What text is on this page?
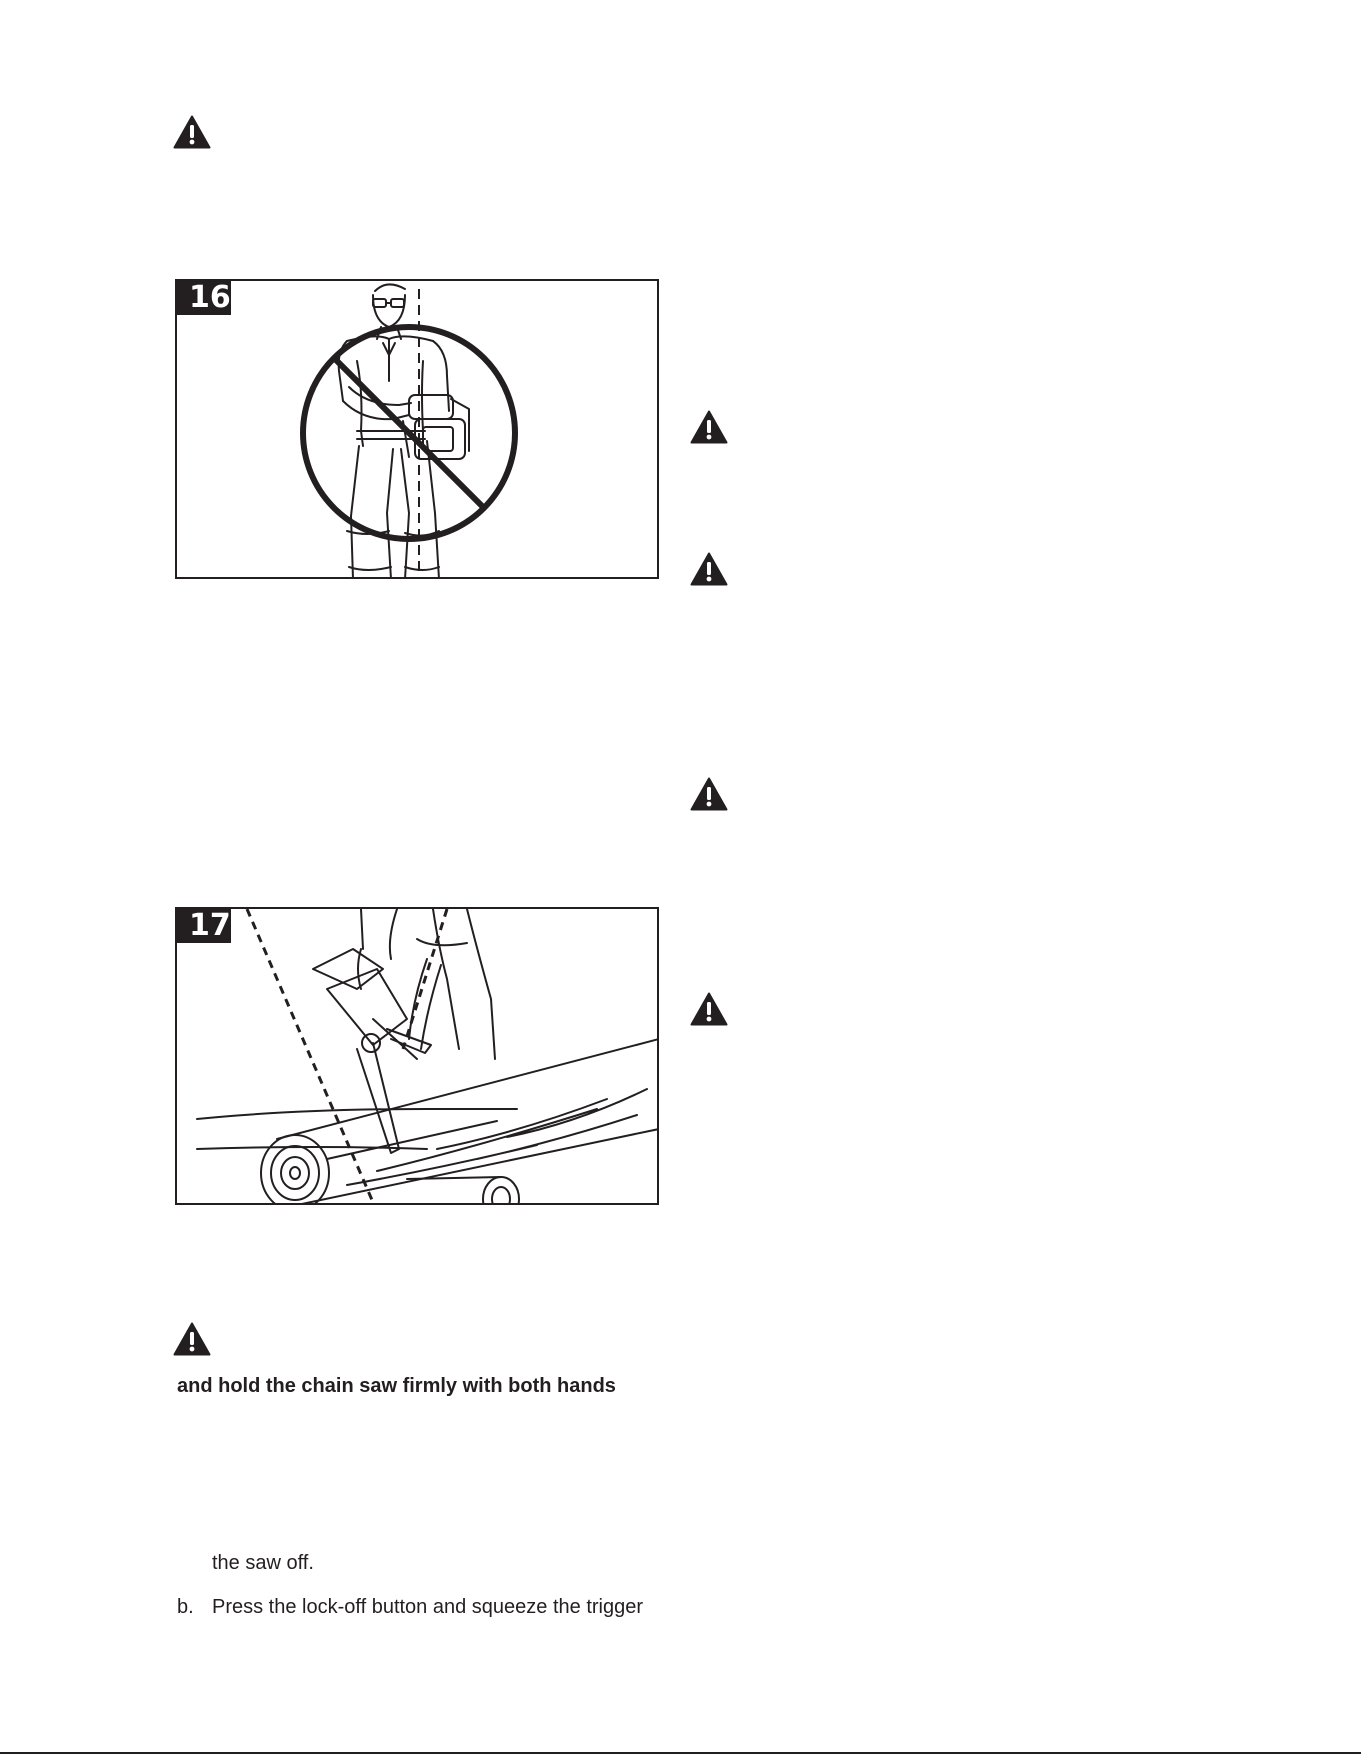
16
17
and hold the chain saw firmly with both hands
the saw off.
b. Press the lock-off button and squeeze the trigger
